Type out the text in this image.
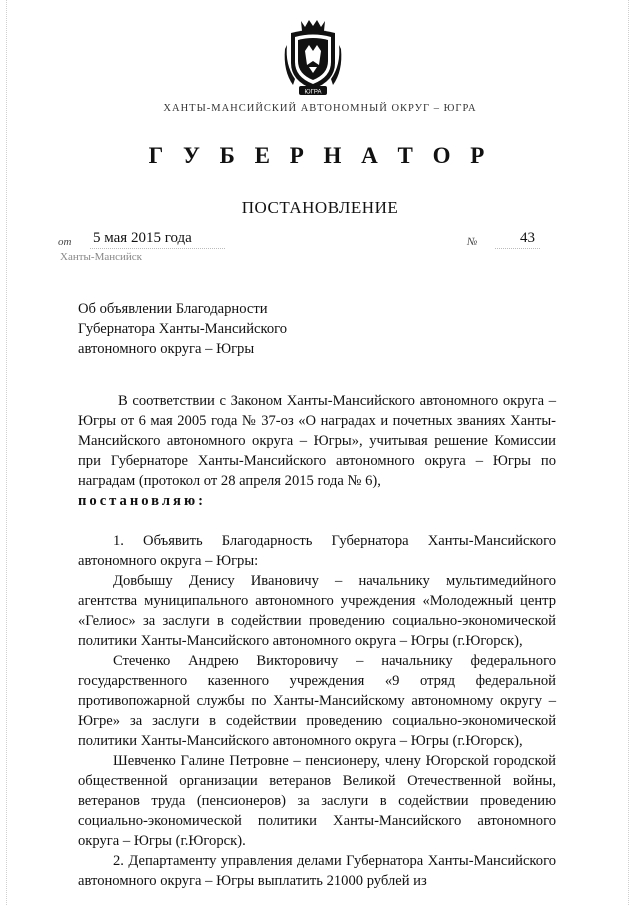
ЮГРА
ХАНТЫ-МАНСИЙСКИЙ АВТОНОМНЫЙ ОКРУГ – ЮГРА
Г У Б Е Р Н А Т О Р
ПОСТАНОВЛЕНИЕ
от 5 мая 2015 года	№	43
Ханты-Мансийск
Об объявлении Благодарности
Губернатора Ханты-Мансийского
автономного округа – Югры

В соответствии с Законом Ханты-Мансийского автономного округа – Югры от 6 мая 2005 года № 37-оз «О наградах и почетных званиях Ханты-Мансийского автономного округа – Югры», учитывая решение Комиссии при Губернаторе Ханты-Мансийского автономного округа – Югры по наградам (протокол от 28 апреля 2015 года № 6),

постановляю:

1. Объявить Благодарность Губернатора Ханты-Мансийского автономного округа – Югры:

Довбышу Денису Ивановичу – начальнику мультимедийного агентства муниципального автономного учреждения «Молодежный центр «Гелиос» за заслуги в содействии проведению социально-экономической политики Ханты-Мансийского автономного округа – Югры (г.Югорск),

Стеченко Андрею Викторовичу – начальнику федерального государственного казенного учреждения «9 отряд федеральной противопожарной службы по Ханты-Мансийскому автономному округу – Югре» за заслуги в содействии проведению социально-экономической политики Ханты-Мансийского автономного округа – Югры (г.Югорск),

Шевченко Галине Петровне – пенсионеру, члену Югорской городской общественной организации ветеранов Великой Отечественной войны, ветеранов труда (пенсионеров) за заслуги в содействии проведению социально-экономической политики Ханты-Мансийского автономного округа – Югры (г.Югорск).

2. Департаменту управления делами Губернатора Ханты-Мансийского автономного округа – Югры выплатить 21000 рублей из
